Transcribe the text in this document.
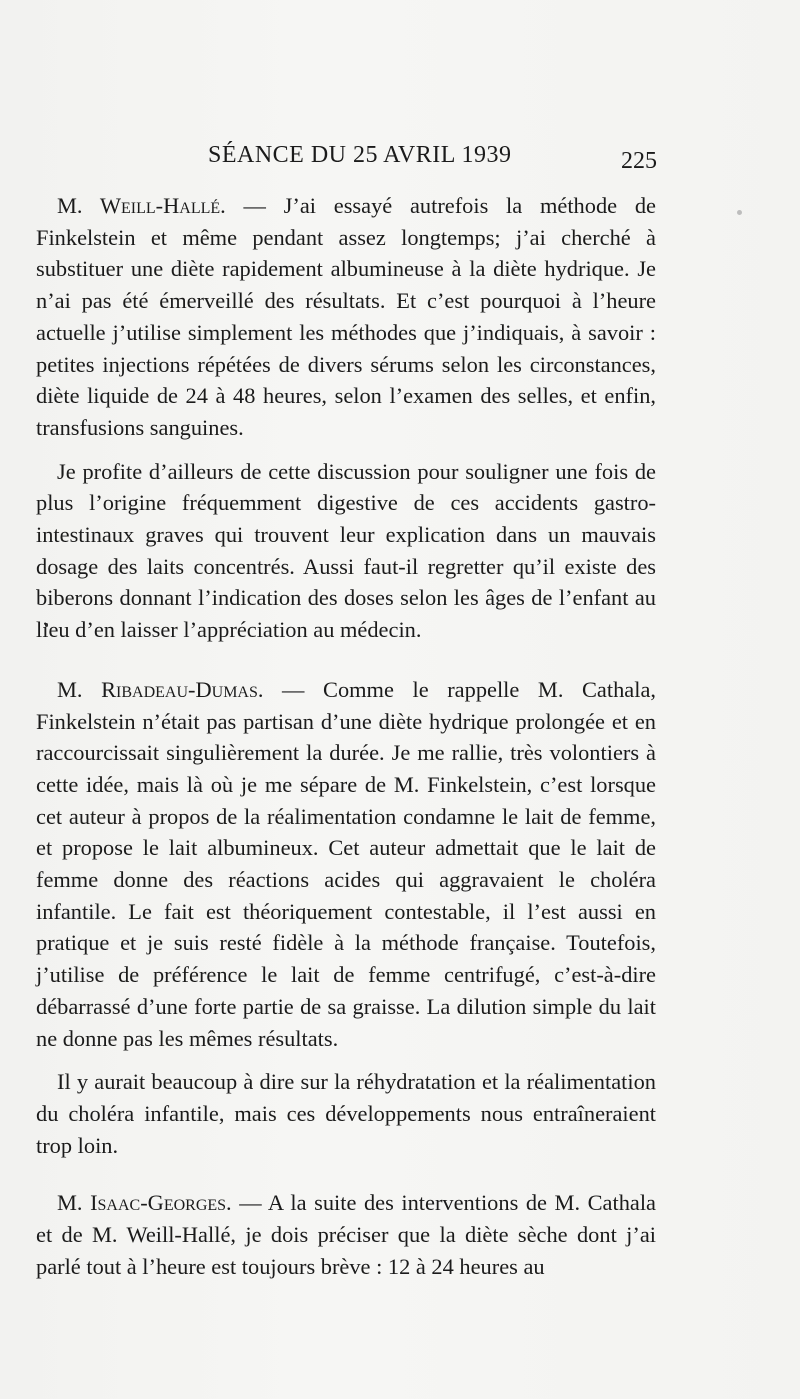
SÉANCE DU 25 AVRIL 1939	225

M. Weill-Hallé. — J’ai essayé autrefois la méthode de Finkelstein et même pendant assez longtemps; j’ai cherché à substituer une diète rapidement albumineuse à la diète hydrique. Je n’ai pas été émerveillé des résultats. Et c’est pourquoi à l’heure actuelle j’utilise simplement les méthodes que j’indiquais, à savoir : petites injections répétées de divers sérums selon les circonstances, diète liquide de 24 à 48 heures, selon l’examen des selles, et enfin, transfusions sanguines.

Je profite d’ailleurs de cette discussion pour souligner une fois de plus l’origine fréquemment digestive de ces accidents gastro-intestinaux graves qui trouvent leur explication dans un mauvais dosage des laits concentrés. Aussi faut-il regretter qu’il existe des biberons donnant l’indication des doses selon les âges de l’enfant au lieu d’en laisser l’appréciation au médecin.

M. Ribadeau-Dumas. — Comme le rappelle M. Cathala, Finkelstein n’était pas partisan d’une diète hydrique prolongée et en raccourcissait singulièrement la durée. Je me rallie, très volontiers à cette idée, mais là où je me sépare de M. Finkelstein, c’est lorsque cet auteur à propos de la réalimentation condamne le lait de femme, et propose le lait albumineux. Cet auteur admettait que le lait de femme donne des réactions acides qui aggravaient le choléra infantile. Le fait est théoriquement contestable, il l’est aussi en pratique et je suis resté fidèle à la méthode française. Toutefois, j’utilise de préférence le lait de femme centrifugé, c’est-à-dire débarrassé d’une forte partie de sa graisse. La dilution simple du lait ne donne pas les mêmes résultats.

Il y aurait beaucoup à dire sur la réhydratation et la réalimentation du choléra infantile, mais ces développements nous entraîneraient trop loin.

M. Isaac-Georges. — A la suite des interventions de M. Cathala et de M. Weill-Hallé, je dois préciser que la diète sèche dont j’ai parlé tout à l’heure est toujours brève : 12 à 24 heures au
